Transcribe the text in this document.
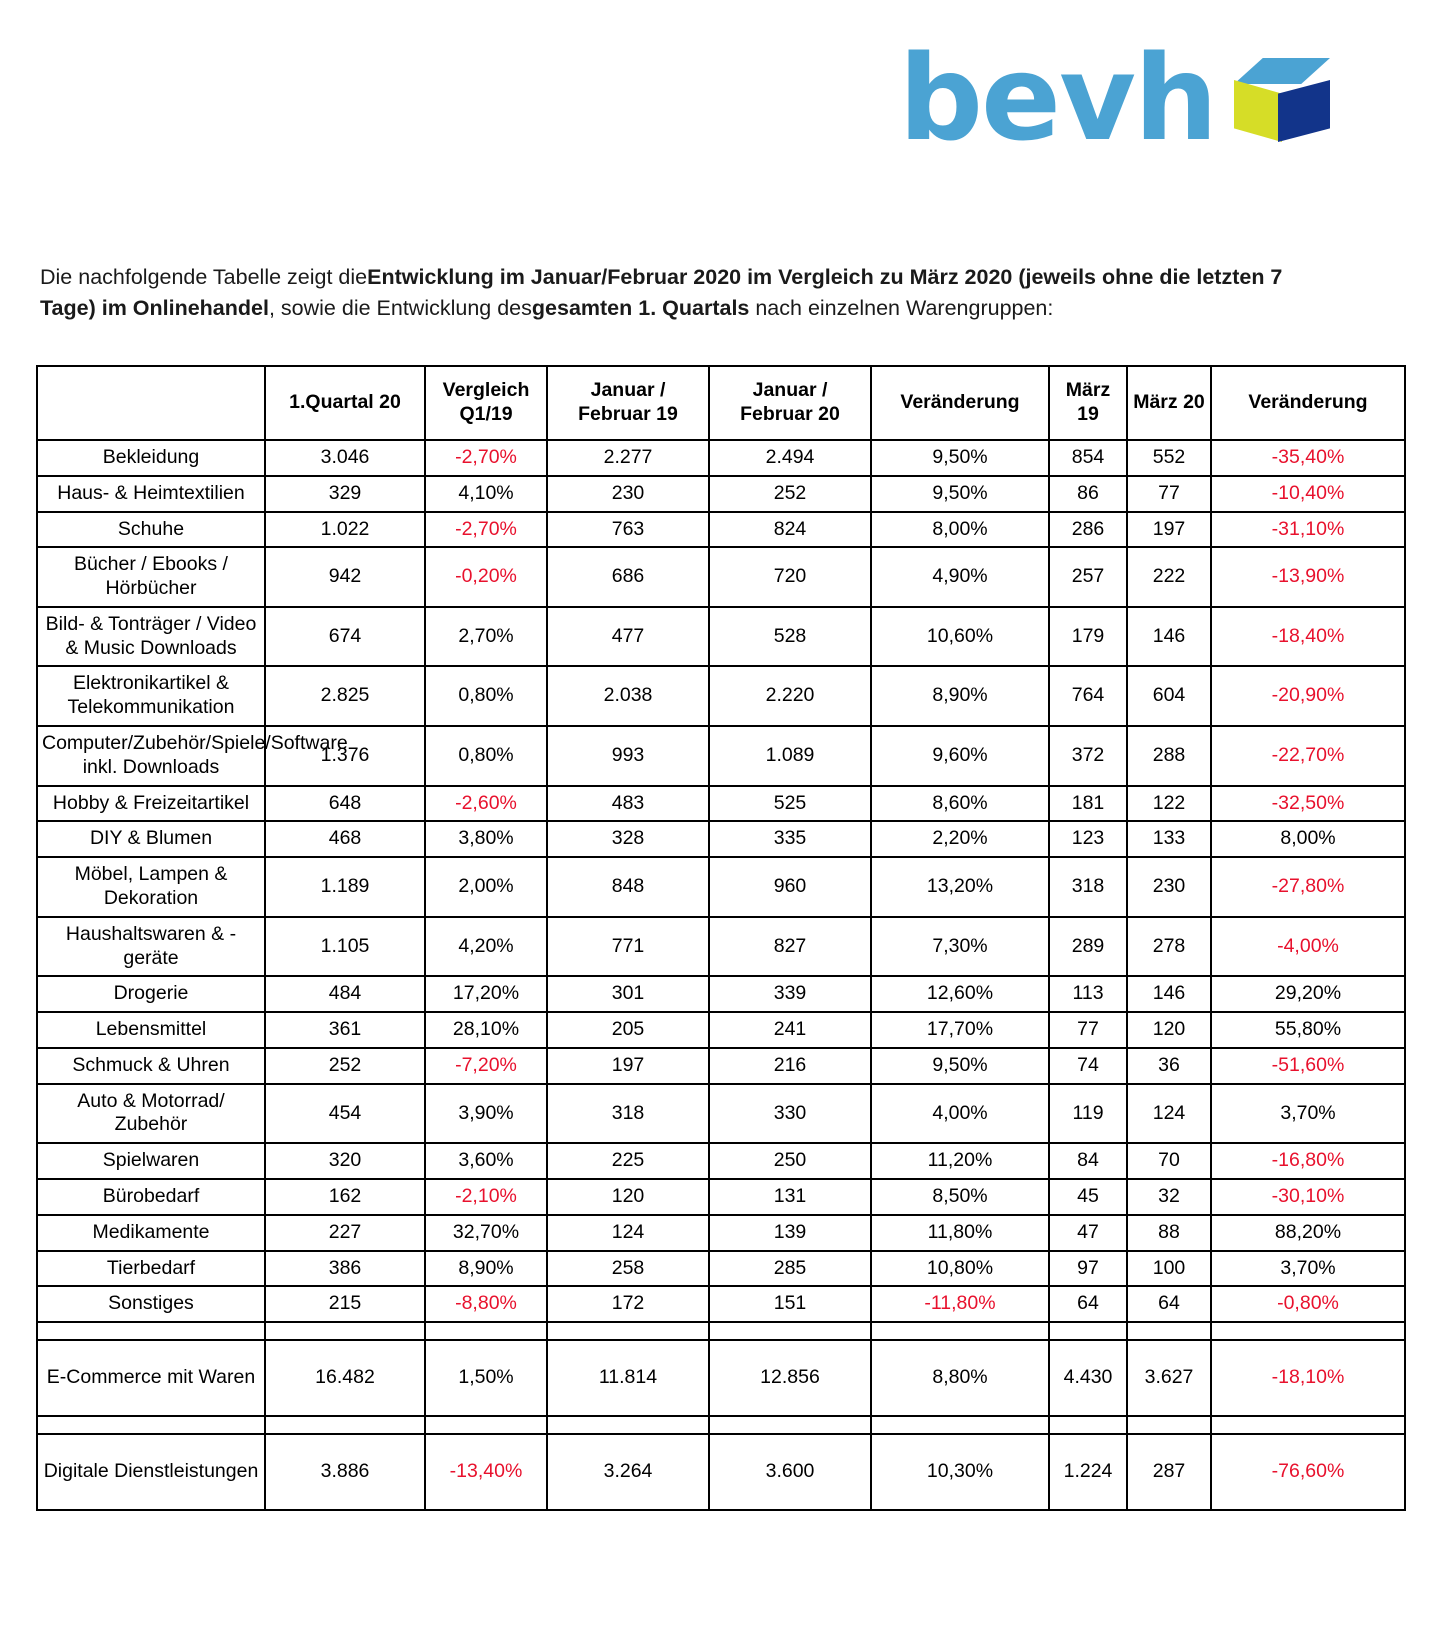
bevh

Die nachfolgende Tabelle zeigt dieEntwicklung im Januar/Februar 2020 im Vergleich zu März 2020 (jeweils ohne die letzten 7 Tage) im Onlinehandel, sowie die Entwicklung desgesamten 1. Quartals nach einzelnen Warengruppen:

	1.Quartal 20	Vergleich Q1/19	Januar / Februar 19	Januar / Februar 20	Veränderung	März 19	März 20	Veränderung
Bekleidung	3.046	-2,70%	2.277	2.494	9,50%	854	552	-35,40%
Haus- & Heimtextilien	329	4,10%	230	252	9,50%	86	77	-10,40%
Schuhe	1.022	-2,70%	763	824	8,00%	286	197	-31,10%
Bücher / Ebooks / Hörbücher	942	-0,20%	686	720	4,90%	257	222	-13,90%
Bild- & Tonträger / Video & Music Downloads	674	2,70%	477	528	10,60%	179	146	-18,40%
Elektronikartikel & Telekommunikation	2.825	0,80%	2.038	2.220	8,90%	764	604	-20,90%
Computer/Zubehör/Spiele/Software inkl. Downloads	1.376	0,80%	993	1.089	9,60%	372	288	-22,70%
Hobby & Freizeitartikel	648	-2,60%	483	525	8,60%	181	122	-32,50%
DIY & Blumen	468	3,80%	328	335	2,20%	123	133	8,00%
Möbel, Lampen & Dekoration	1.189	2,00%	848	960	13,20%	318	230	-27,80%
Haushaltswaren & -geräte	1.105	4,20%	771	827	7,30%	289	278	-4,00%
Drogerie	484	17,20%	301	339	12,60%	113	146	29,20%
Lebensmittel	361	28,10%	205	241	17,70%	77	120	55,80%
Schmuck & Uhren	252	-7,20%	197	216	9,50%	74	36	-51,60%
Auto & Motorrad/ Zubehör	454	3,90%	318	330	4,00%	119	124	3,70%
Spielwaren	320	3,60%	225	250	11,20%	84	70	-16,80%
Bürobedarf	162	-2,10%	120	131	8,50%	45	32	-30,10%
Medikamente	227	32,70%	124	139	11,80%	47	88	88,20%
Tierbedarf	386	8,90%	258	285	10,80%	97	100	3,70%
Sonstiges	215	-8,80%	172	151	-11,80%	64	64	-0,80%

E-Commerce mit Waren	16.482	1,50%	11.814	12.856	8,80%	4.430	3.627	-18,10%

Digitale Dienstleistungen	3.886	-13,40%	3.264	3.600	10,30%	1.224	287	-76,60%
